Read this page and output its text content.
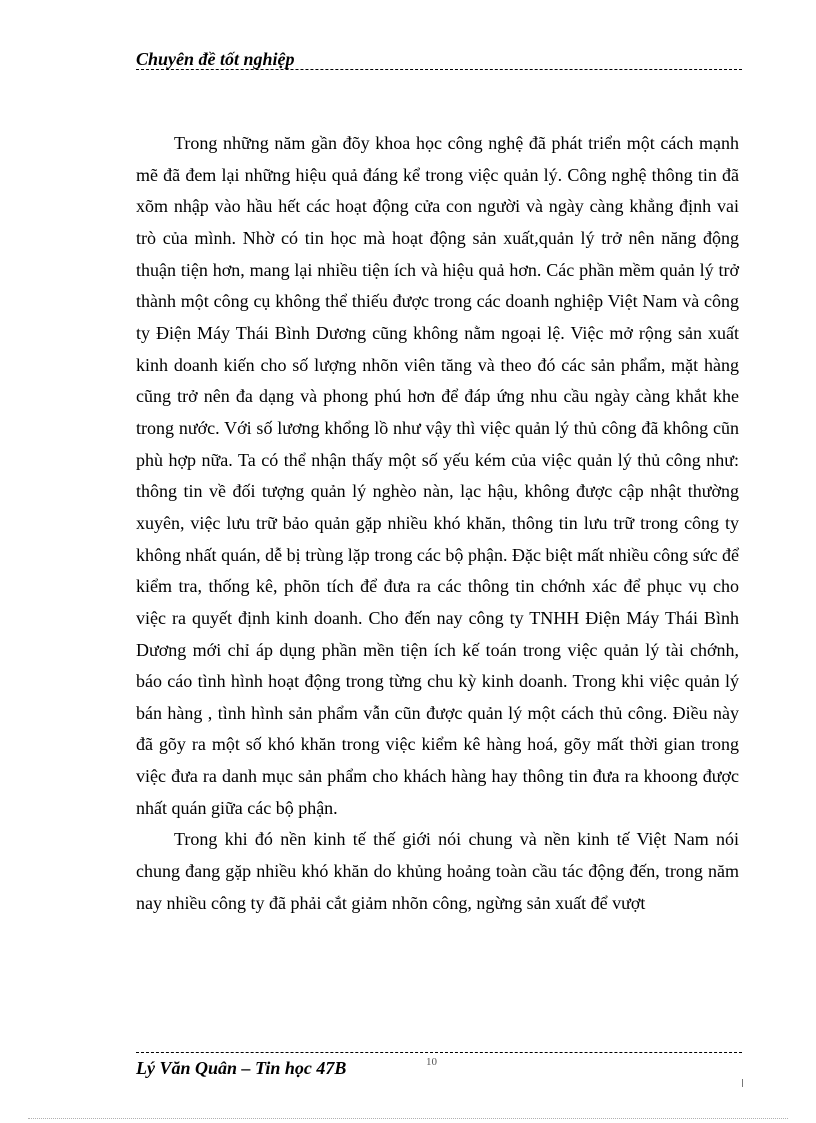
Chuyên đề tốt nghiệp

Trong những năm gần đõy khoa học công nghệ đã phát triển một cách mạnh mẽ đã đem lại những hiệu quả đáng kể trong việc quản lý. Công nghệ thông tin đã xõm nhập vào hầu hết các hoạt động cửa con người và ngày càng khẳng định vai trò của mình. Nhờ có tin học mà hoạt động sản xuất,quản lý trở nên năng động thuận tiện hơn, mang lại nhiều tiện ích và hiệu quả hơn. Các phần mềm quản lý trở thành một công cụ không thể thiếu được trong các doanh nghiệp Việt Nam và công ty Điện Máy Thái Bình Dương cũng không nằm ngoại lệ. Việc mở rộng sản xuất kinh doanh kiến cho số lượng nhõn viên tăng và theo đó các sản phẩm, mặt hàng cũng trở nên đa dạng và phong phú hơn để đáp ứng nhu cầu ngày càng khắt khe trong nước. Với số lương khổng lồ như vậy thì việc quản lý thủ công đã không cũn phù hợp nữa. Ta có thể nhận thấy một số yếu kém của việc quản lý thủ công như: thông tin về đối tượng quản lý nghèo nàn, lạc hậu, không được cập nhật thường xuyên, việc lưu trữ bảo quản gặp nhiều khó khăn, thông tin lưu trữ trong công ty không nhất quán, dễ bị trùng lặp trong các bộ phận. Đặc biệt mất nhiều công sức để kiểm tra, thống kê, phõn tích để đưa ra các thông tin chớnh xác để phục vụ cho việc ra quyết định kinh doanh. Cho đến nay công ty TNHH Điện Máy Thái Bình Dương mới chỉ áp dụng phần mền tiện ích kế toán trong việc quản lý tài chớnh, báo cáo tình hình hoạt động trong từng chu kỳ kinh doanh. Trong khi việc quản lý bán hàng , tình hình sản phẩm vẫn cũn được quản lý một cách thủ công. Điều này đã gõy ra một số khó khăn trong việc kiểm kê hàng hoá, gõy mất thời gian trong việc đưa ra danh mục sản phẩm cho khách hàng hay thông tin đưa ra khoong được nhất quán giữa các bộ phận.

Trong khi đó nền kinh tế thế giới nói chung và nền kinh tế Việt Nam nói chung đang gặp nhiều khó khăn do khủng hoảng toàn cầu tác động đến, trong năm nay nhiều công ty đã phải cắt giảm nhõn công, ngừng sản xuất để vượt

Lý Văn Quân – Tin học 47B	10
